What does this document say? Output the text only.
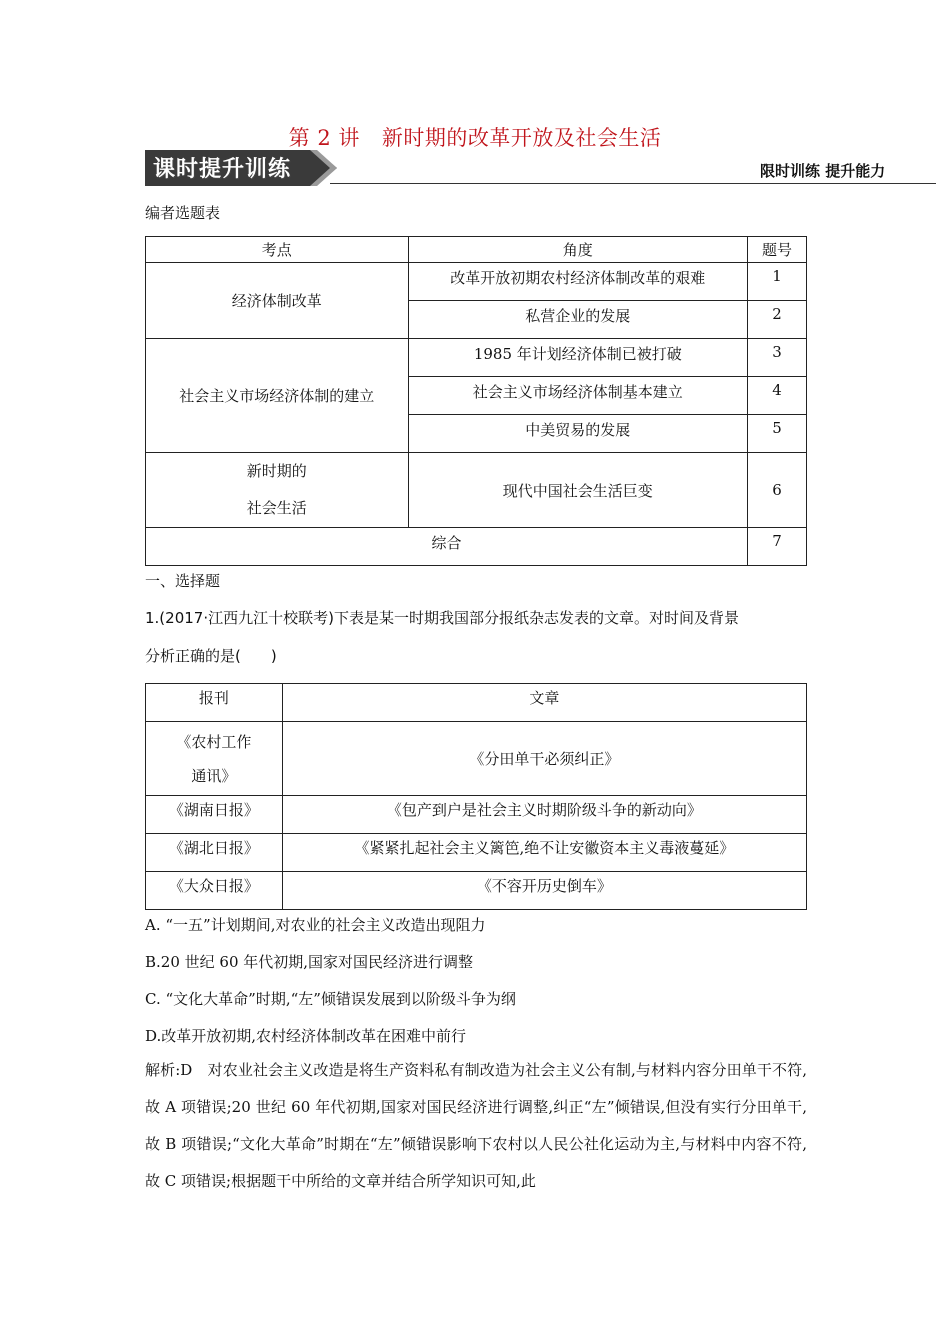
第 2 讲 新时期的改革开放及社会生活
课时提升训练	限时训练 提升能力
编者选题表
考点	角度	题号
经济体制改革	改革开放初期农村经济体制改革的艰难	1
	私营企业的发展	2
社会主义市场经济体制的建立	1985 年计划经济体制已被打破	3
	社会主义市场经济体制基本建立	4
	中美贸易的发展	5

新时期的
社会生活	现代中国社会生活巨变	6
综合		7
一、选择题
1.(2017·江西九江十校联考)下表是某一时期我国部分报纸杂志发表的文章。对时间及背景
分析正确的是(　　)
报刊	文章

《农村工作
通讯》	《分田单干必须纠正》
《湖南日报》	《包产到户是社会主义时期阶级斗争的新动向》
《湖北日报》	《紧紧扎起社会主义篱笆,绝不让安徽资本主义毒液蔓延》
《大众日报》	《不容开历史倒车》
A. “一五”计划期间,对农业的社会主义改造出现阻力
B.20 世纪 60 年代初期,国家对国民经济进行调整
C. “文化大革命”时期,“左”倾错误发展到以阶级斗争为纲
D.改革开放初期,农村经济体制改革在困难中前行
解析:D　对农业社会主义改造是将生产资料私有制改造为社会主义公有制,与材料内容分田单干不符,故 A 项错误;20 世纪 60 年代初期,国家对国民经济进行调整,纠正“左”倾错误,但没有实行分田单干,故 B 项错误;“文化大革命”时期在“左”倾错误影响下农村以人民公社化运动为主,与材料中内容不符,故 C 项错误;根据题干中所给的文章并结合所学知识可知,此
